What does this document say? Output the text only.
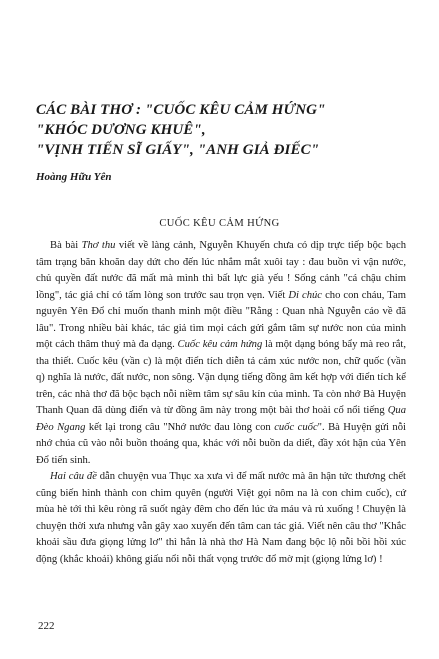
CÁC BÀI THƠ : "CUỐC KÊU CẢM HỨNG"
"KHÓC DƯƠNG KHUÊ",
"VỊNH TIẾN SĨ GIẤY", "ANH GIẢ ĐIẾC"
Hoàng Hữu Yên
CUỐC KÊU CẢM HỨNG

Bà bài Thơ thu viết về làng cảnh, Nguyễn Khuyến chưa có dịp trực tiếp bộc bạch tâm trạng băn khoăn day dứt cho đến lúc nhắm mắt xuôi tay : đau buồn vì vận nước, chủ quyền đất nước đã mất mà mình thì bất lực già yếu ! Sống cảnh "cá chậu chim lồng", tác giả chỉ có tấm lòng son trước sau trọn vẹn. Viết Di chúc cho con cháu, Tam nguyên Yên Đổ chỉ muốn thanh minh một điều "Rằng : Quan nhà Nguyễn cáo về đã lâu". Trong nhiều bài khác, tác giả tìm mọi cách gửi gắm tâm sự nước non của mình một cách thâm thuý mà đa dạng. Cuốc kêu cảm hứng là một dạng bóng bẩy mà reo rắt, tha thiết. Cuốc kêu (vần c) là một điển tích diễn tả cảm xúc nước non, chữ quốc (vần q) nghĩa là nước, đất nước, non sông. Vận dụng tiếng đồng âm kết hợp với điển tích kể trên, các nhà thơ đã bộc bạch nỗi niềm tâm sự sâu kín của mình. Ta còn nhớ Bà Huyện Thanh Quan đã dùng điển và từ đồng âm này trong một bài thơ hoài cổ nổi tiếng Qua Đèo Ngang kết lại trong câu "Nhớ nước đau lòng con cuốc cuốc". Bà Huyện gửi nỗi nhớ chúa cũ vào nỗi buồn thoáng qua, khác với nỗi buồn da diết, đầy xót hận của Yên Đổ tiến sinh.

Hai câu đề dẫn chuyện vua Thục xa xưa vì để mất nước mà ân hận tức thương chết cũng biến hình thành con chim quyên (người Việt gọi nôm na là con chim cuốc), cứ mùa hè tới thì kêu ròng rã suốt ngày đêm cho đến lúc ứa máu và rủ xuống ! Chuyện là chuyện thời xưa nhưng vẫn gây xao xuyến đến tâm can tác giả. Viết nên câu thơ "Khắc khoải sầu đưa giọng lửng lơ" thì hẳn là nhà thơ Hà Nam đang bộc lộ nỗi bồi hồi xúc động (khắc khoải) không giấu nổi nỗi thất vọng trước đổ mờ mịt (giọng lửng lơ) !

222
